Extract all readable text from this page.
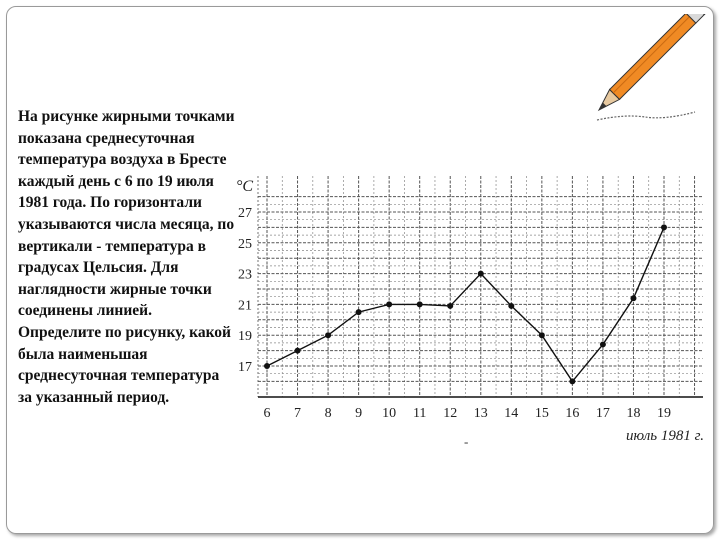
На рисунке жирными точками показана среднесуточная температура воздуха в Бресте каждый день с 6 по 19 июля 1981 года. По горизонтали указываются числа месяца, по вертикали - температура в градусах Цельсия. Для наглядности жирные точки соединены линией. Определите по рисунку, какой была наименьшая среднесуточная температура за указанный период.
17
19
21
23
25
27
°C
6 7 8 9 10 11 12 13 14 15 16 17 18 19
июль 1981 г.
-
